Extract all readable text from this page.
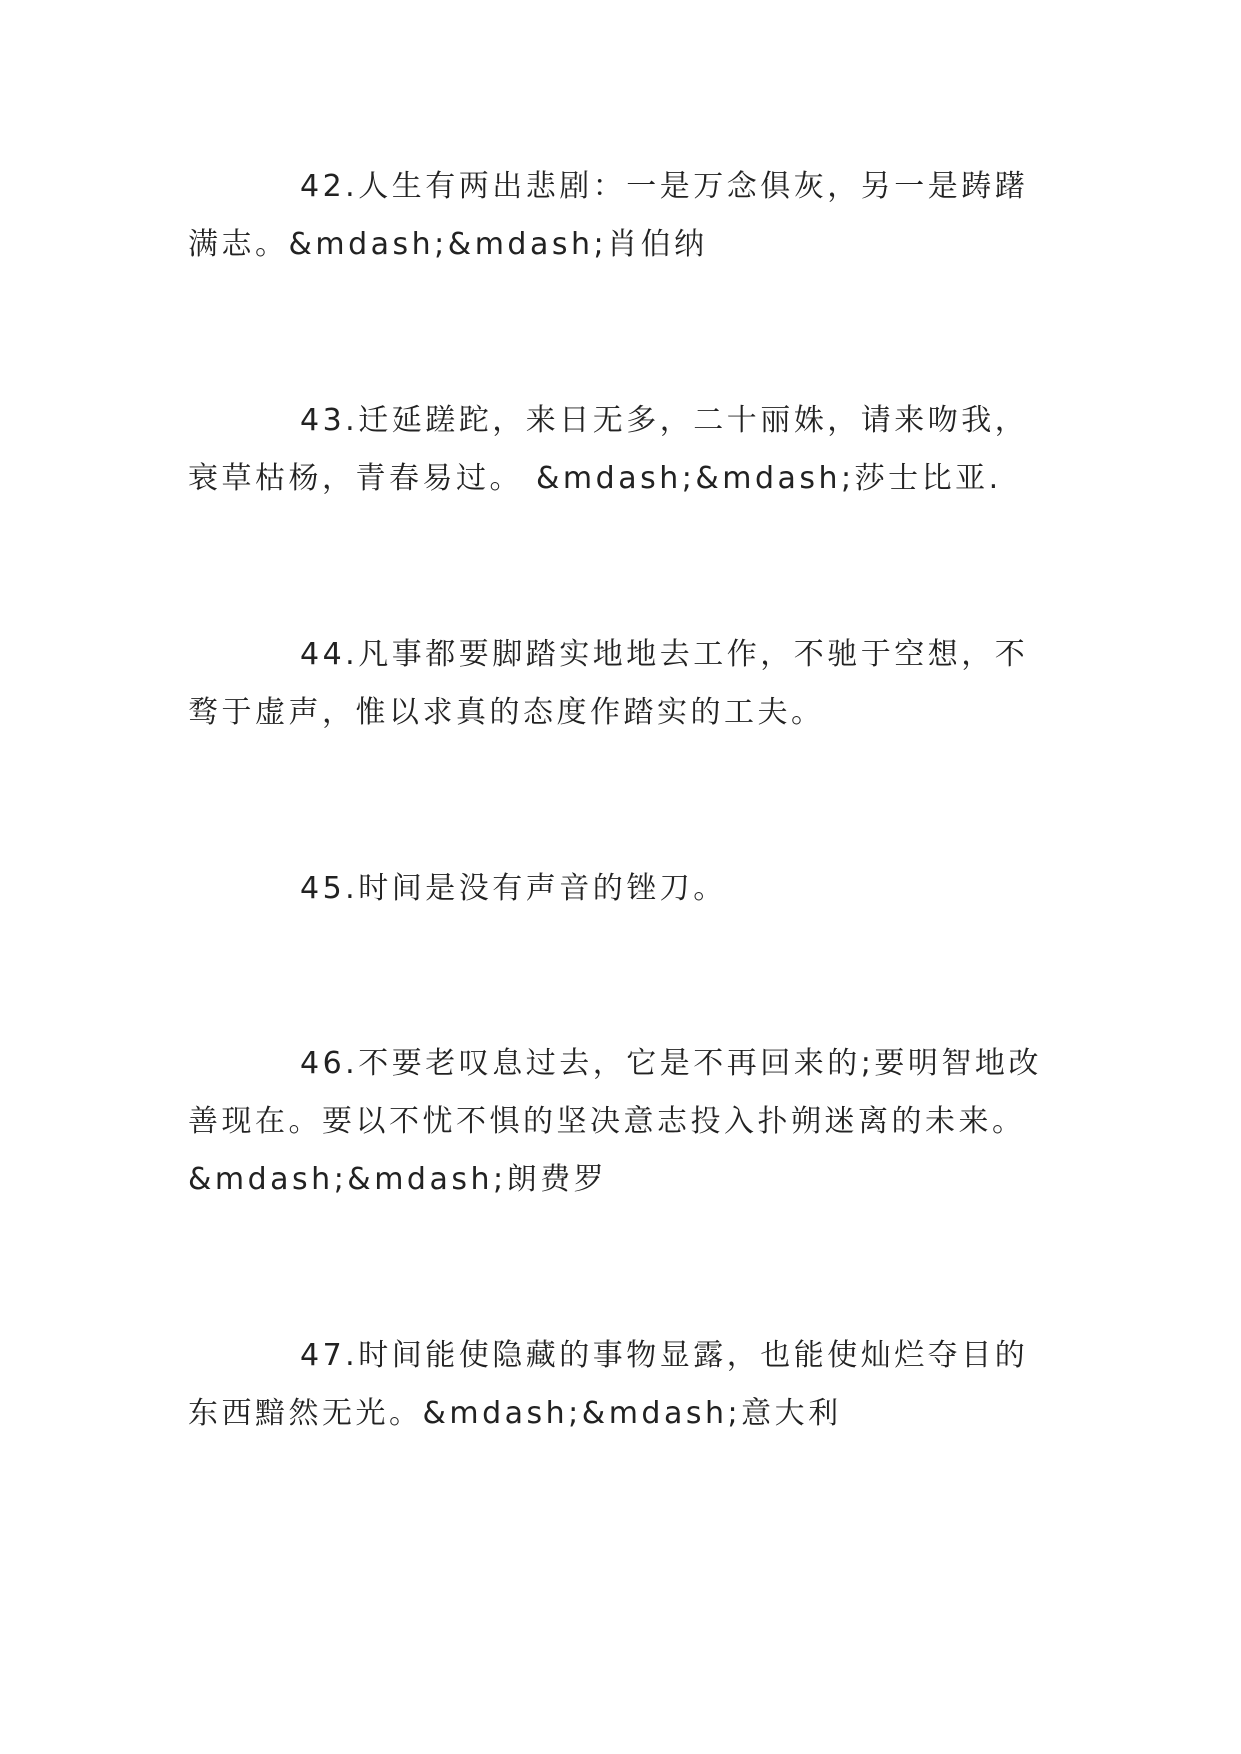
42.人生有两出悲剧：一是万念俱灰，另一是踌躇满志。&mdash;&mdash;肖伯纳

43.迁延蹉跎，来日无多，二十丽姝，请来吻我，衰草枯杨，青春易过。 &mdash;&mdash;莎士比亚.

44.凡事都要脚踏实地地去工作，不驰于空想，不骛于虚声，惟以求真的态度作踏实的工夫。

45.时间是没有声音的锉刀。

46.不要老叹息过去，它是不再回来的;要明智地改善现在。要以不忧不惧的坚决意志投入扑朔迷离的未来。&mdash;&mdash;朗费罗

47.时间能使隐藏的事物显露，也能使灿烂夺目的东西黯然无光。&mdash;&mdash;意大利
